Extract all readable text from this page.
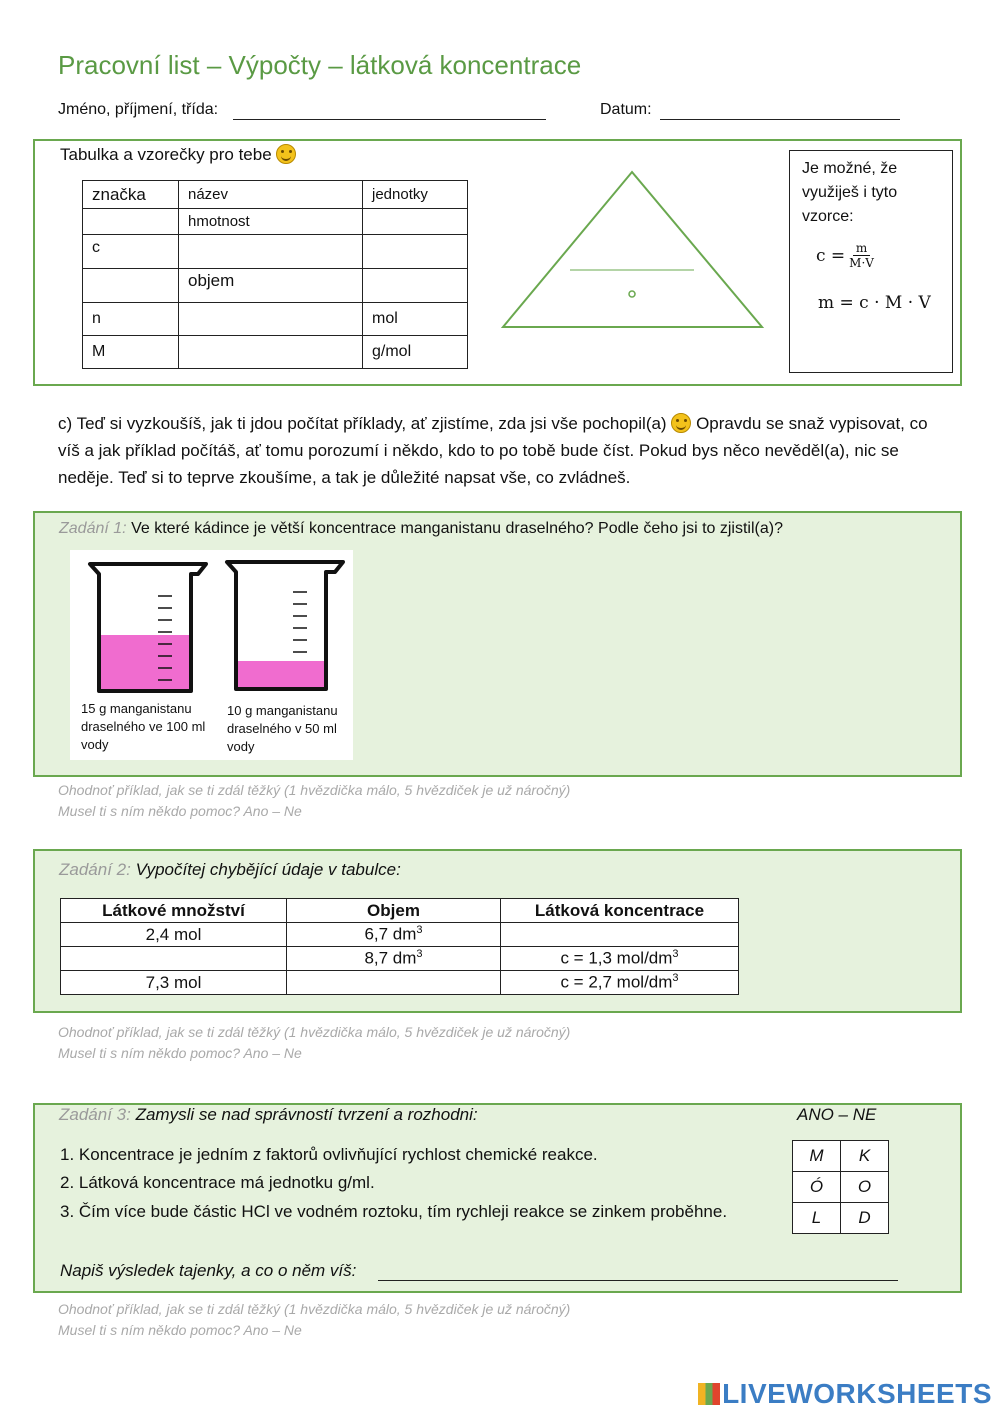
Pracovní list – Výpočty – látková koncentrace
Jméno, příjmení, třída:	Datum:
Tabulka a vzorečky pro tebe
značka	název	jednotky
	hmotnost	
c		
	objem	
n		mol
M		g/mol
Je možné, že
využiješ i tyto
vzorce:
$c = \frac{m}{M\cdot V}$
m = c · M · V
c) Teď si vyzkoušíš, jak ti jdou počítat příklady, ať zjistíme, zda jsi vše pochopil(a) Opravdu se snaž vypisovat, co víš a jak příklad počítáš, ať tomu porozumí i někdo, kdo to po tobě bude číst. Pokud bys něco nevěděl(a), nic se neděje. Teď si to teprve zkoušíme, a tak je důležité napsat vše, co zvládneš.
Zadání 1: Ve které kádince je větší koncentrace manganistanu draselného? Podle čeho jsi to zjistil(a)?
15 g manganistanu
draselného ve 100 ml
vody
10 g manganistanu
draselného v 50 ml
vody
Ohodnoť příklad, jak se ti zdál těžký (1 hvězdička málo, 5 hvězdiček je už náročný)
Musel ti s ním někdo pomoc? Ano – Ne
Zadání 2: Vypočítej chybějící údaje v tabulce:
Látkové množství	Objem	Látková koncentrace
2,4 mol	6,7 $dm^3$	
	8,7 $dm^3$	c = 1,3 mol/$dm^3$
7,3 mol		c = 2,7 mol/$dm^3$
Ohodnoť příklad, jak se ti zdál těžký (1 hvězdička málo, 5 hvězdiček je už náročný)
Musel ti s ním někdo pomoc? Ano – Ne
Zadání 3: Zamysli se nad správností tvrzení a rozhodni:	ANO – NE
1. Koncentrace je jedním z faktorů ovlivňující rychlost chemické reakce.
2. Látková koncentrace má jednotku g/ml.
3. Čím více bude částic HCl ve vodném roztoku, tím rychleji reakce se zinkem proběhne.
M	K
Ó	O
L	D
Napiš výsledek tajenky, a co o něm víš:
Ohodnoť příklad, jak se ti zdál těžký (1 hvězdička málo, 5 hvězdiček je už náročný)
Musel ti s ním někdo pomoc? Ano – Ne
LIVEWORKSHEETS
